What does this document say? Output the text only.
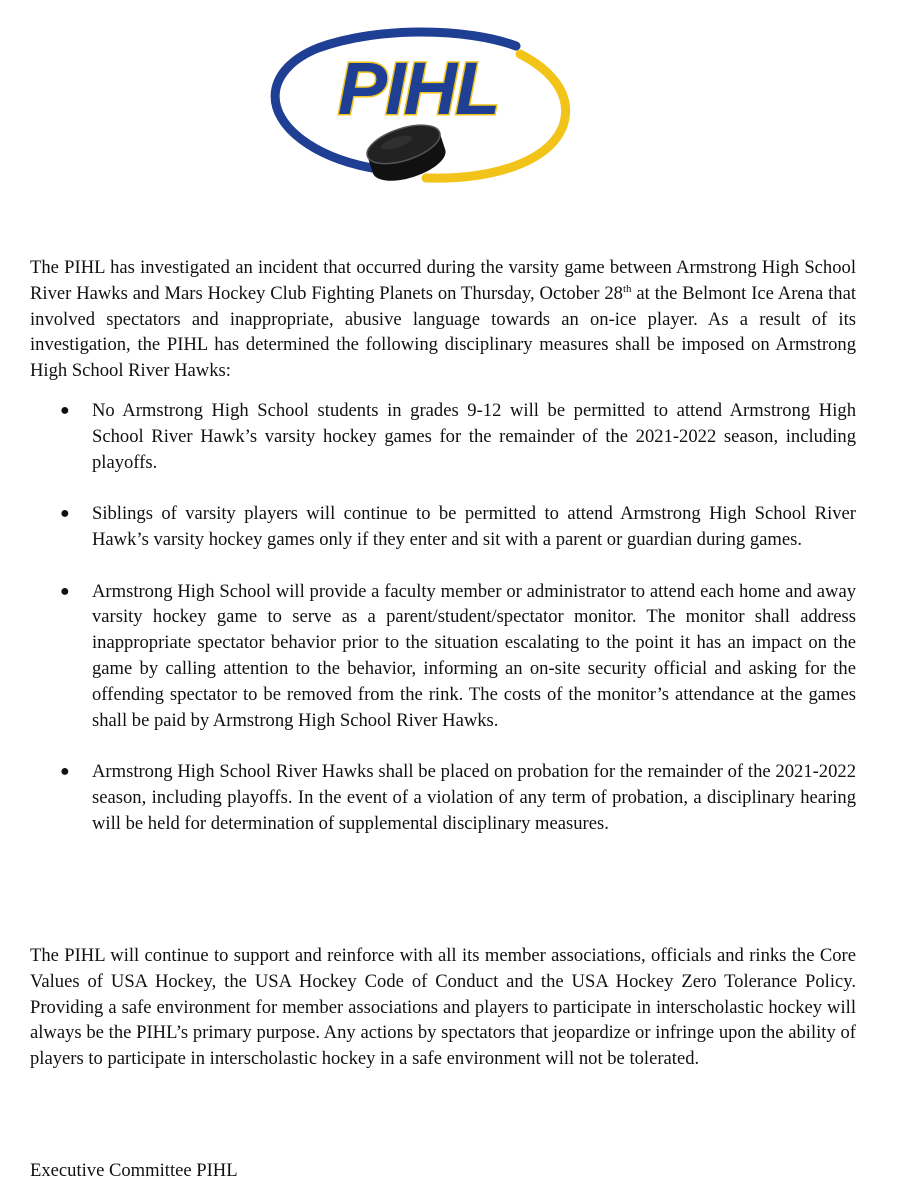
PIHL
The PIHL has investigated an incident that occurred during the varsity game between Armstrong High School River Hawks and Mars Hockey Club Fighting Planets on Thursday, October 28th at the Belmont Ice Arena that involved spectators and inappropriate, abusive language towards an on-ice player. As a result of its investigation, the PIHL has determined the following disciplinary measures shall be imposed on Armstrong High School River Hawks:
● No Armstrong High School students in grades 9-12 will be permitted to attend Armstrong High School River Hawk’s varsity hockey games for the remainder of the 2021-2022 season, including playoffs.
● Siblings of varsity players will continue to be permitted to attend Armstrong High School River Hawk’s varsity hockey games only if they enter and sit with a parent or guardian during games.
● Armstrong High School will provide a faculty member or administrator to attend each home and away varsity hockey game to serve as a parent/student/spectator monitor. The monitor shall address inappropriate spectator behavior prior to the situation escalating to the point it has an impact on the game by calling attention to the behavior, informing an on-site security official and asking for the offending spectator to be removed from the rink. The costs of the monitor’s attendance at the games shall be paid by Armstrong High School River Hawks.
● Armstrong High School River Hawks shall be placed on probation for the remainder of the 2021-2022 season, including playoffs. In the event of a violation of any term of probation, a disciplinary hearing will be held for determination of supplemental disciplinary measures.
The PIHL will continue to support and reinforce with all its member associations, officials and rinks the Core Values of USA Hockey, the USA Hockey Code of Conduct and the USA Hockey Zero Tolerance Policy. Providing a safe environment for member associations and players to participate in interscholastic hockey will always be the PIHL’s primary purpose. Any actions by spectators that jeopardize or infringe upon the ability of players to participate in interscholastic hockey in a safe environment will not be tolerated.
Executive Committee PIHL
